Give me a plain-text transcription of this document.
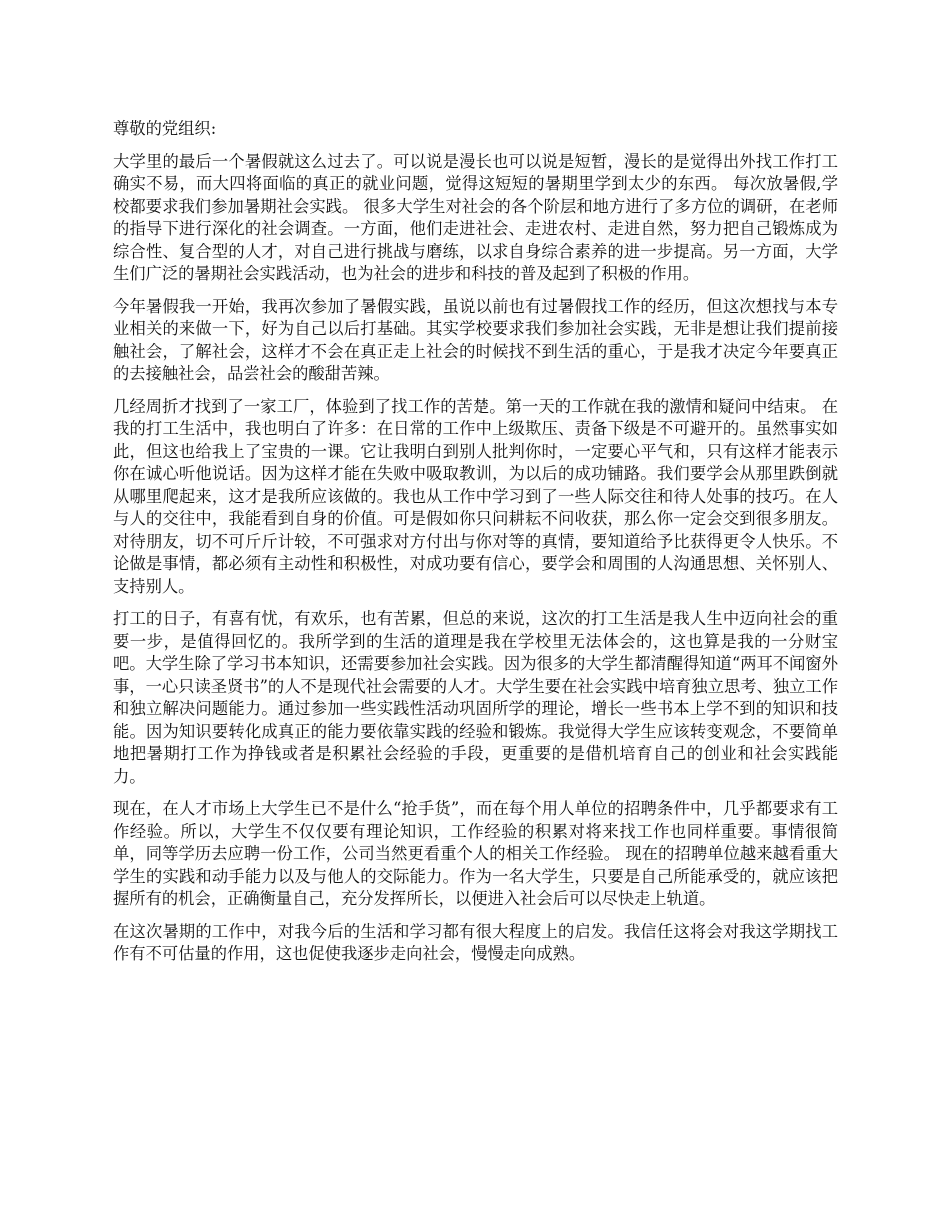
尊敬的党组织:

大学里的最后一个暑假就这么过去了。可以说是漫长也可以说是短暂，漫长的是觉得出外找工作打工确实不易，而大四将面临的真正的就业问题，觉得这短短的暑期里学到太少的东西。 每次放暑假,学校都要求我们参加暑期社会实践。 很多大学生对社会的各个阶层和地方进行了多方位的调研，在老师的指导下进行深化的社会调查。一方面，他们走进社会、走进农村、走进自然，努力把自己锻炼成为综合性、复合型的人才，对自己进行挑战与磨练，以求自身综合素养的进一步提高。另一方面，大学生们广泛的暑期社会实践活动，也为社会的进步和科技的普及起到了积极的作用。

今年暑假我一开始，我再次参加了暑假实践，虽说以前也有过暑假找工作的经历，但这次想找与本专业相关的来做一下，好为自己以后打基础。其实学校要求我们参加社会实践，无非是想让我们提前接触社会，了解社会，这样才不会在真正走上社会的时候找不到生活的重心，于是我才决定今年要真正的去接触社会，品尝社会的酸甜苦辣。

几经周折才找到了一家工厂，体验到了找工作的苦楚。第一天的工作就在我的激情和疑问中结束。 在我的打工生活中，我也明白了许多：在日常的工作中上级欺压、责备下级是不可避开的。虽然事实如此，但这也给我上了宝贵的一课。它让我明白到别人批判你时，一定要心平气和，只有这样才能表示你在诚心听他说话。因为这样才能在失败中吸取教训，为以后的成功铺路。我们要学会从那里跌倒就从哪里爬起来，这才是我所应该做的。我也从工作中学习到了一些人际交往和待人处事的技巧。在人与人的交往中，我能看到自身的价值。可是假如你只问耕耘不问收获，那么你一定会交到很多朋友。对待朋友，切不可斤斤计较，不可强求对方付出与你对等的真情，要知道给予比获得更令人快乐。不论做是事情，都必须有主动性和积极性，对成功要有信心，要学会和周围的人沟通思想、关怀别人、支持别人。

打工的日子，有喜有忧，有欢乐，也有苦累，但总的来说，这次的打工生活是我人生中迈向社会的重要一步，是值得回忆的。我所学到的生活的道理是我在学校里无法体会的，这也算是我的一分财宝吧。大学生除了学习书本知识，还需要参加社会实践。因为很多的大学生都清醒得知道“两耳不闻窗外事，一心只读圣贤书”的人不是现代社会需要的人才。大学生要在社会实践中培育独立思考、独立工作和独立解决问题能力。通过参加一些实践性活动巩固所学的理论，增长一些书本上学不到的知识和技能。因为知识要转化成真正的能力要依靠实践的经验和锻炼。我觉得大学生应该转变观念，不要简单地把暑期打工作为挣钱或者是积累社会经验的手段，更重要的是借机培育自己的创业和社会实践能力。

现在，在人才市场上大学生已不是什么“抢手货”，而在每个用人单位的招聘条件中，几乎都要求有工作经验。所以，大学生不仅仅要有理论知识，工作经验的积累对将来找工作也同样重要。事情很简单，同等学历去应聘一份工作，公司当然更看重个人的相关工作经验。 现在的招聘单位越来越看重大学生的实践和动手能力以及与他人的交际能力。作为一名大学生，只要是自己所能承受的，就应该把握所有的机会，正确衡量自己，充分发挥所长，以便进入社会后可以尽快走上轨道。

在这次暑期的工作中，对我今后的生活和学习都有很大程度上的启发。我信任这将会对我这学期找工作有不可估量的作用，这也促使我逐步走向社会，慢慢走向成熟。
